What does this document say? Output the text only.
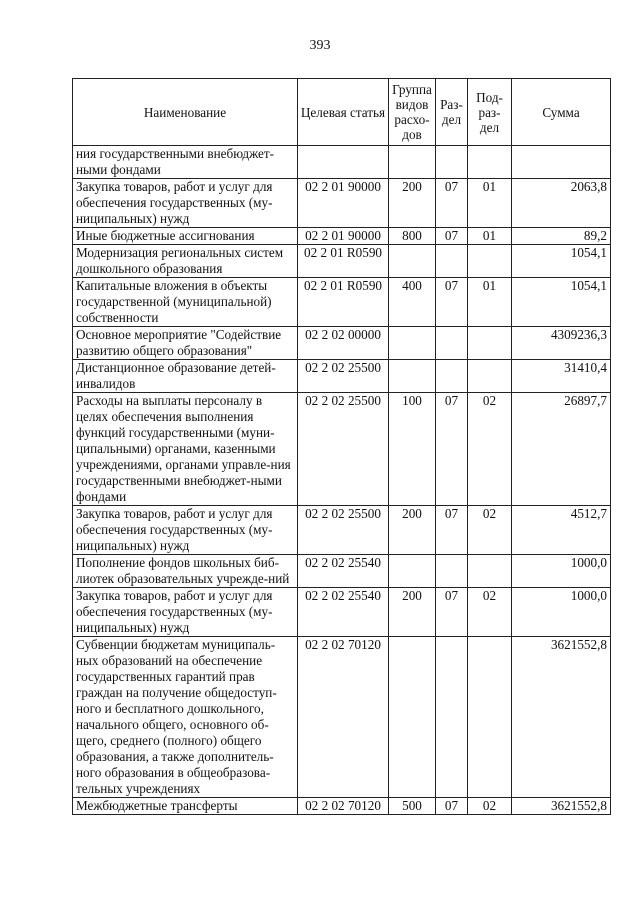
393
Наименование	Целевая статья	Группа видов расхо-дов	Раз-дел	Под-раз-дел	Сумма
ния государственными внебюджет-ными фондами					
Закупка товаров, работ и услуг для обеспечения государственных (му-ниципальных) нужд	02 2 01 90000	200	07	01	2063,8
Иные бюджетные ассигнования	02 2 01 90000	800	07	01	89,2
Модернизация региональных систем дошкольного образования	02 2 01 R0590				1054,1
Капитальные вложения в объекты государственной (муниципальной) собственности	02 2 01 R0590	400	07	01	1054,1
Основное мероприятие "Содействие развитию общего образования"	02 2 02 00000				4309236,3
Дистанционное образование детей-инвалидов	02 2 02 25500				31410,4
Расходы на выплаты персоналу в целях обеспечения выполнения функций государственными (муни-ципальными) органами, казенными учреждениями, органами управле-ния государственными внебюджет-ными фондами	02 2 02 25500	100	07	02	26897,7
Закупка товаров, работ и услуг для обеспечения государственных (му-ниципальных) нужд	02 2 02 25500	200	07	02	4512,7
Пополнение фондов школьных биб-лиотек образовательных учрежде-ний	02 2 02 25540				1000,0
Закупка товаров, работ и услуг для обеспечения государственных (му-ниципальных) нужд	02 2 02 25540	200	07	02	1000,0
Субвенции бюджетам муниципаль-ных образований на обеспечение государственных гарантий прав граждан на получение общедоступ-ного и бесплатного дошкольного, начального общего, основного об-щего, среднего (полного) общего образования, а также дополнитель-ного образования в общеобразова-тельных учреждениях	02 2 02 70120				3621552,8
Межбюджетные трансферты	02 2 02 70120	500	07	02	3621552,8
